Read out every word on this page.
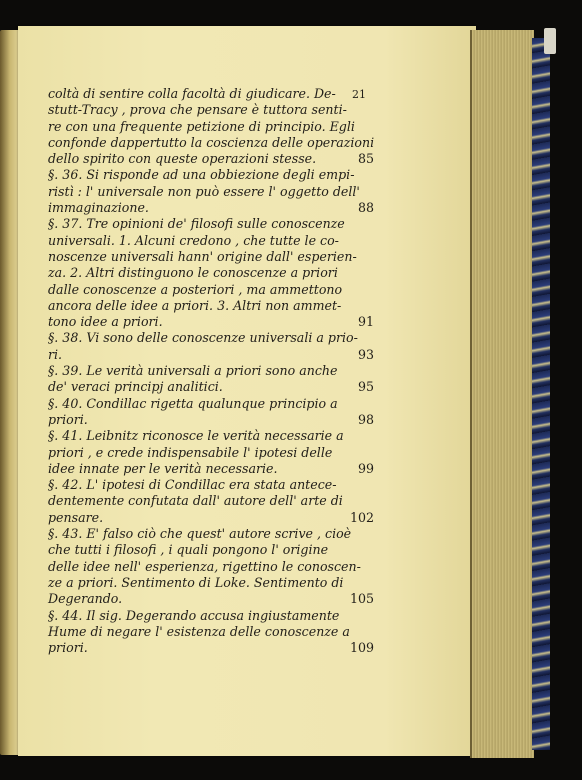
21
coltà di sentire colla facoltà di giudicare. De-
stutt-Tracy , prova che pensare è tuttora senti-
re con una frequente petizione di principio. Egli
confonde dappertutto la coscienza delle operazioni
dello spirito con queste operazioni stesse.	85
§. 36. Si risponde ad una obbiezione degli empi-
ristì : l' universale non può essere l' oggetto dell'
immaginazione.	88
§. 37. Tre opinioni de' filosofi sulle conoscenze
universali. 1. Alcuni credono , che tutte le co-
noscenze universali hann' origine dall' esperien-
za. 2. Altri distinguono le conoscenze a priori
dalle conoscenze a posteriori , ma ammettono
ancora delle idee a priori. 3. Altri non ammet-
tono idee a priori.	91
§. 38. Vi sono delle conoscenze universali a prio-
ri.	93
§. 39. Le verità universali a priori sono anche
de' veraci principj analitici.	95
§. 40. Condillac rigetta qualunque principio a
priori.	98
§. 41. Leibnitz riconosce le verità necessarie a
priori , e crede indispensabile l' ipotesi delle
idee innate per le verità necessarie.	99
§. 42. L' ipotesi di Condillac era stata antece-
dentemente confutata dall' autore dell' arte di
pensare.	102
§. 43. E' falso ciò che quest' autore scrive , cioè
che tutti i filosofi , i quali pongono l' origine
delle idee nell' esperienza, rigettino le conoscen-
ze a priori. Sentimento di Loke. Sentimento di
Degerando.	105
§. 44. Il sig. Degerando accusa ingiustamente
Hume di negare l' esistenza delle conoscenze a
priori.	109
